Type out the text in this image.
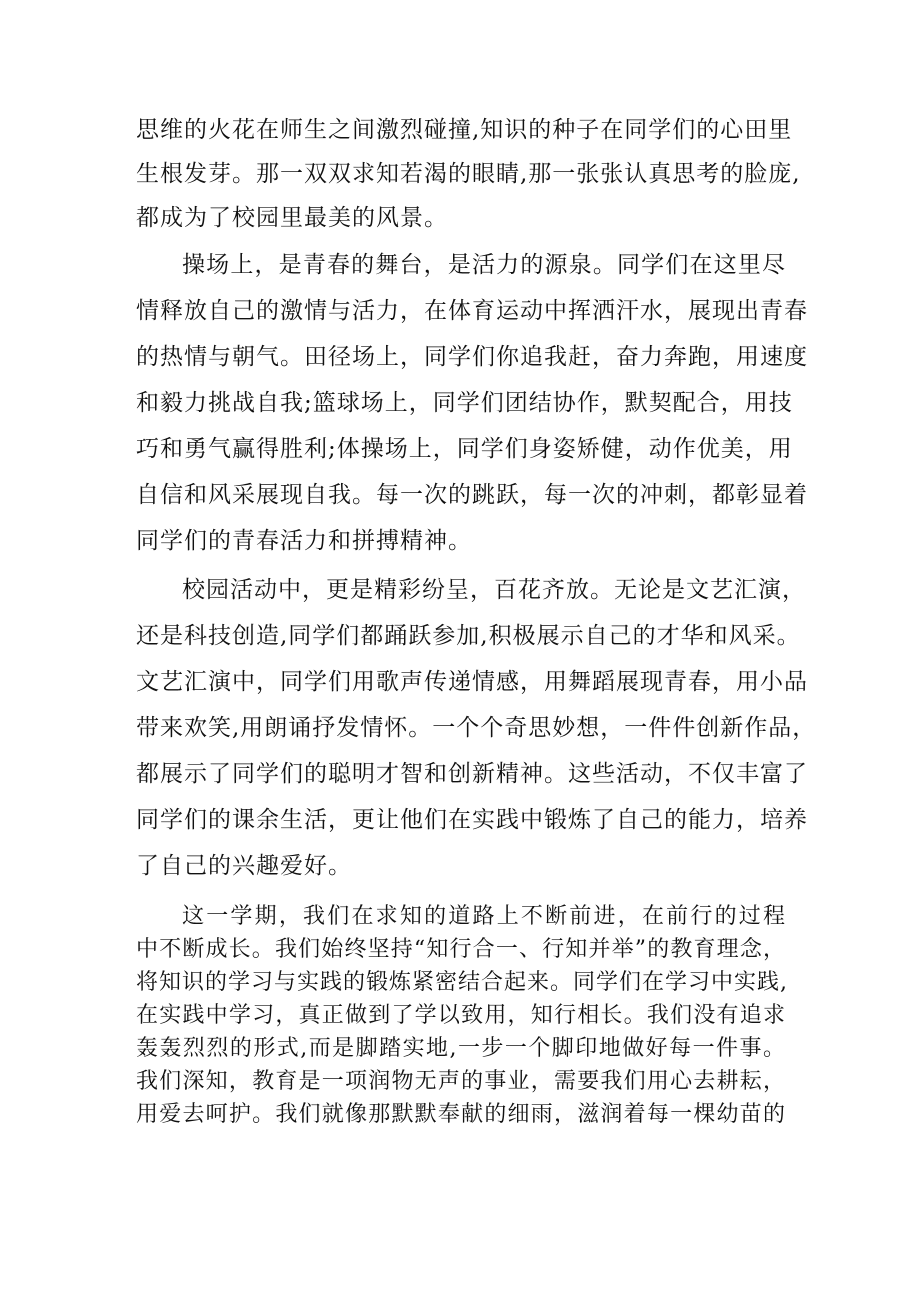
思维的火花在师生之间激烈碰撞,知识的种子在同学们的心田里

生根发芽。那一双双求知若渴的眼睛,那一张张认真思考的脸庞,

都成为了校园里最美的风景。

操场上，是青春的舞台，是活力的源泉。同学们在这里尽

情释放自己的激情与活力，在体育运动中挥洒汗水，展现出青春

的热情与朝气。田径场上，同学们你追我赶，奋力奔跑，用速度

和毅力挑战自我;篮球场上，同学们团结协作，默契配合，用技

巧和勇气赢得胜利;体操场上，同学们身姿矫健，动作优美，用

自信和风采展现自我。每一次的跳跃，每一次的冲刺，都彰显着

同学们的青春活力和拼搏精神。

校园活动中，更是精彩纷呈，百花齐放。无论是文艺汇演，

还是科技创造,同学们都踊跃参加,积极展示自己的才华和风采。

文艺汇演中，同学们用歌声传递情感，用舞蹈展现青春，用小品

带来欢笑,用朗诵抒发情怀。一个个奇思妙想，一件件创新作品，

都展示了同学们的聪明才智和创新精神。这些活动，不仅丰富了

同学们的课余生活，更让他们在实践中锻炼了自己的能力，培养

了自己的兴趣爱好。

这一学期，我们在求知的道路上不断前进，在前行的过程

中不断成长。我们始终坚持“知行合一、行知并举”的教育理念，

将知识的学习与实践的锻炼紧密结合起来。同学们在学习中实践,

在实践中学习，真正做到了学以致用，知行相长。我们没有追求

轰轰烈烈的形式,而是脚踏实地,一步一个脚印地做好每一件事。

我们深知，教育是一项润物无声的事业，需要我们用心去耕耘，

用爱去呵护。我们就像那默默奉献的细雨，滋润着每一棵幼苗的
